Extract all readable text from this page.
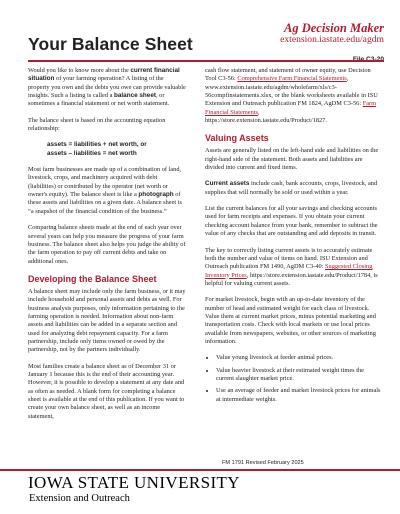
Your Balance Sheet
Ag Decision Maker
extension.iastate.edu/agdm

Would you like to know more about the current financial situation of your farming operation? A listing of the property you own and the debts you owe can provide valuable insights. Such a listing is called a balance sheet, or sometimes a financial statement or net worth statement.

The balance sheet is based on the accounting equation relationship:

assets = liabilities + net worth, or
assets – liabilities = net worth

Most farm businesses are made up of a combination of land, livestock, crops, and machinery acquired with debt (liabilities) or contributed by the operator (net worth or owner's equity). The balance sheet is like a photograph of these assets and liabilities on a given date. A balance sheet is “a snapshot of the financial condition of the business.”

Comparing balance sheets made at the end of each year over several years can help you measure the progress of your farm business. The balance sheet also helps you judge the ability of the farm operation to pay off current debts and take on additional ones.

Developing the Balance Sheet

A balance sheet may include only the farm business, or it may include household and personal assets and debts as well. For business analysis purposes, only information pertaining to the farming operation is needed. Information about non-farm assets and liabilities can be added in a separate section and used for analyzing debt repayment capacity. For a farm partnership, include only items owned or owed by the partnership, not by the partners individually.

Most families create a balance sheet as of December 31 or January 1 because this is the end of their accounting year. However, it is possible to develop a statement at any date and as often as needed. A blank form for completing a balance sheet is available at the end of this publication. If you want to create your own balance sheet, as well as an income statement,

cash flow statement, and statement of owner equity, use Decision Tool C3-56: Comprehensive Farm Financial Statements, www.extension.iastate.edu/agdm/wholefarm/xls/c3-56compfinstatements.xlsx, or the blank worksheets available in ISU Extension and Outreach publication FM 1824, AgDM C3-56: Farm Financial Statements, https://store.extension.iastate.edu/Product/1827.

Valuing Assets

Assets are generally listed on the left-hand side and liabilities on the right-hand side of the statement. Both assets and liabilities are divided into current and fixed items.

Current assets include cash, bank accounts, crops, livestock, and supplies that will normally be sold or used within a year.

List the current balances for all your savings and checking accounts used for farm receipts and expenses. If you obtain your current checking account balance from your bank, remember to subtract the value of any checks that are outstanding and add deposits in transit.

The key to correctly listing current assets is to accurately estimate both the number and value of items on hand. ISU Extension and Outreach publication FM 1490, AgDM C3-40: Suggested Closing Inventory Prices, https://store.extension.iastate.edu/Product/1784, is helpful for valuing current assets.

For market livestock, begin with an up-to-date inventory of the number of head and estimated weight for each class of livestock. Value them at current market prices, minus potential marketing and transportation costs. Check with local markets or use local prices available from newspapers, websites, or other sources of marketing information.

• Value young livestock at feeder animal prices.
• Value heavier livestock at their estimated weight times the current slaughter market price.
• Use an average of feeder and market livestock prices for animals at intermediate weights.
FM 1791 Revised February 2025
IOWA STATE UNIVERSITY
Extension and Outreach
